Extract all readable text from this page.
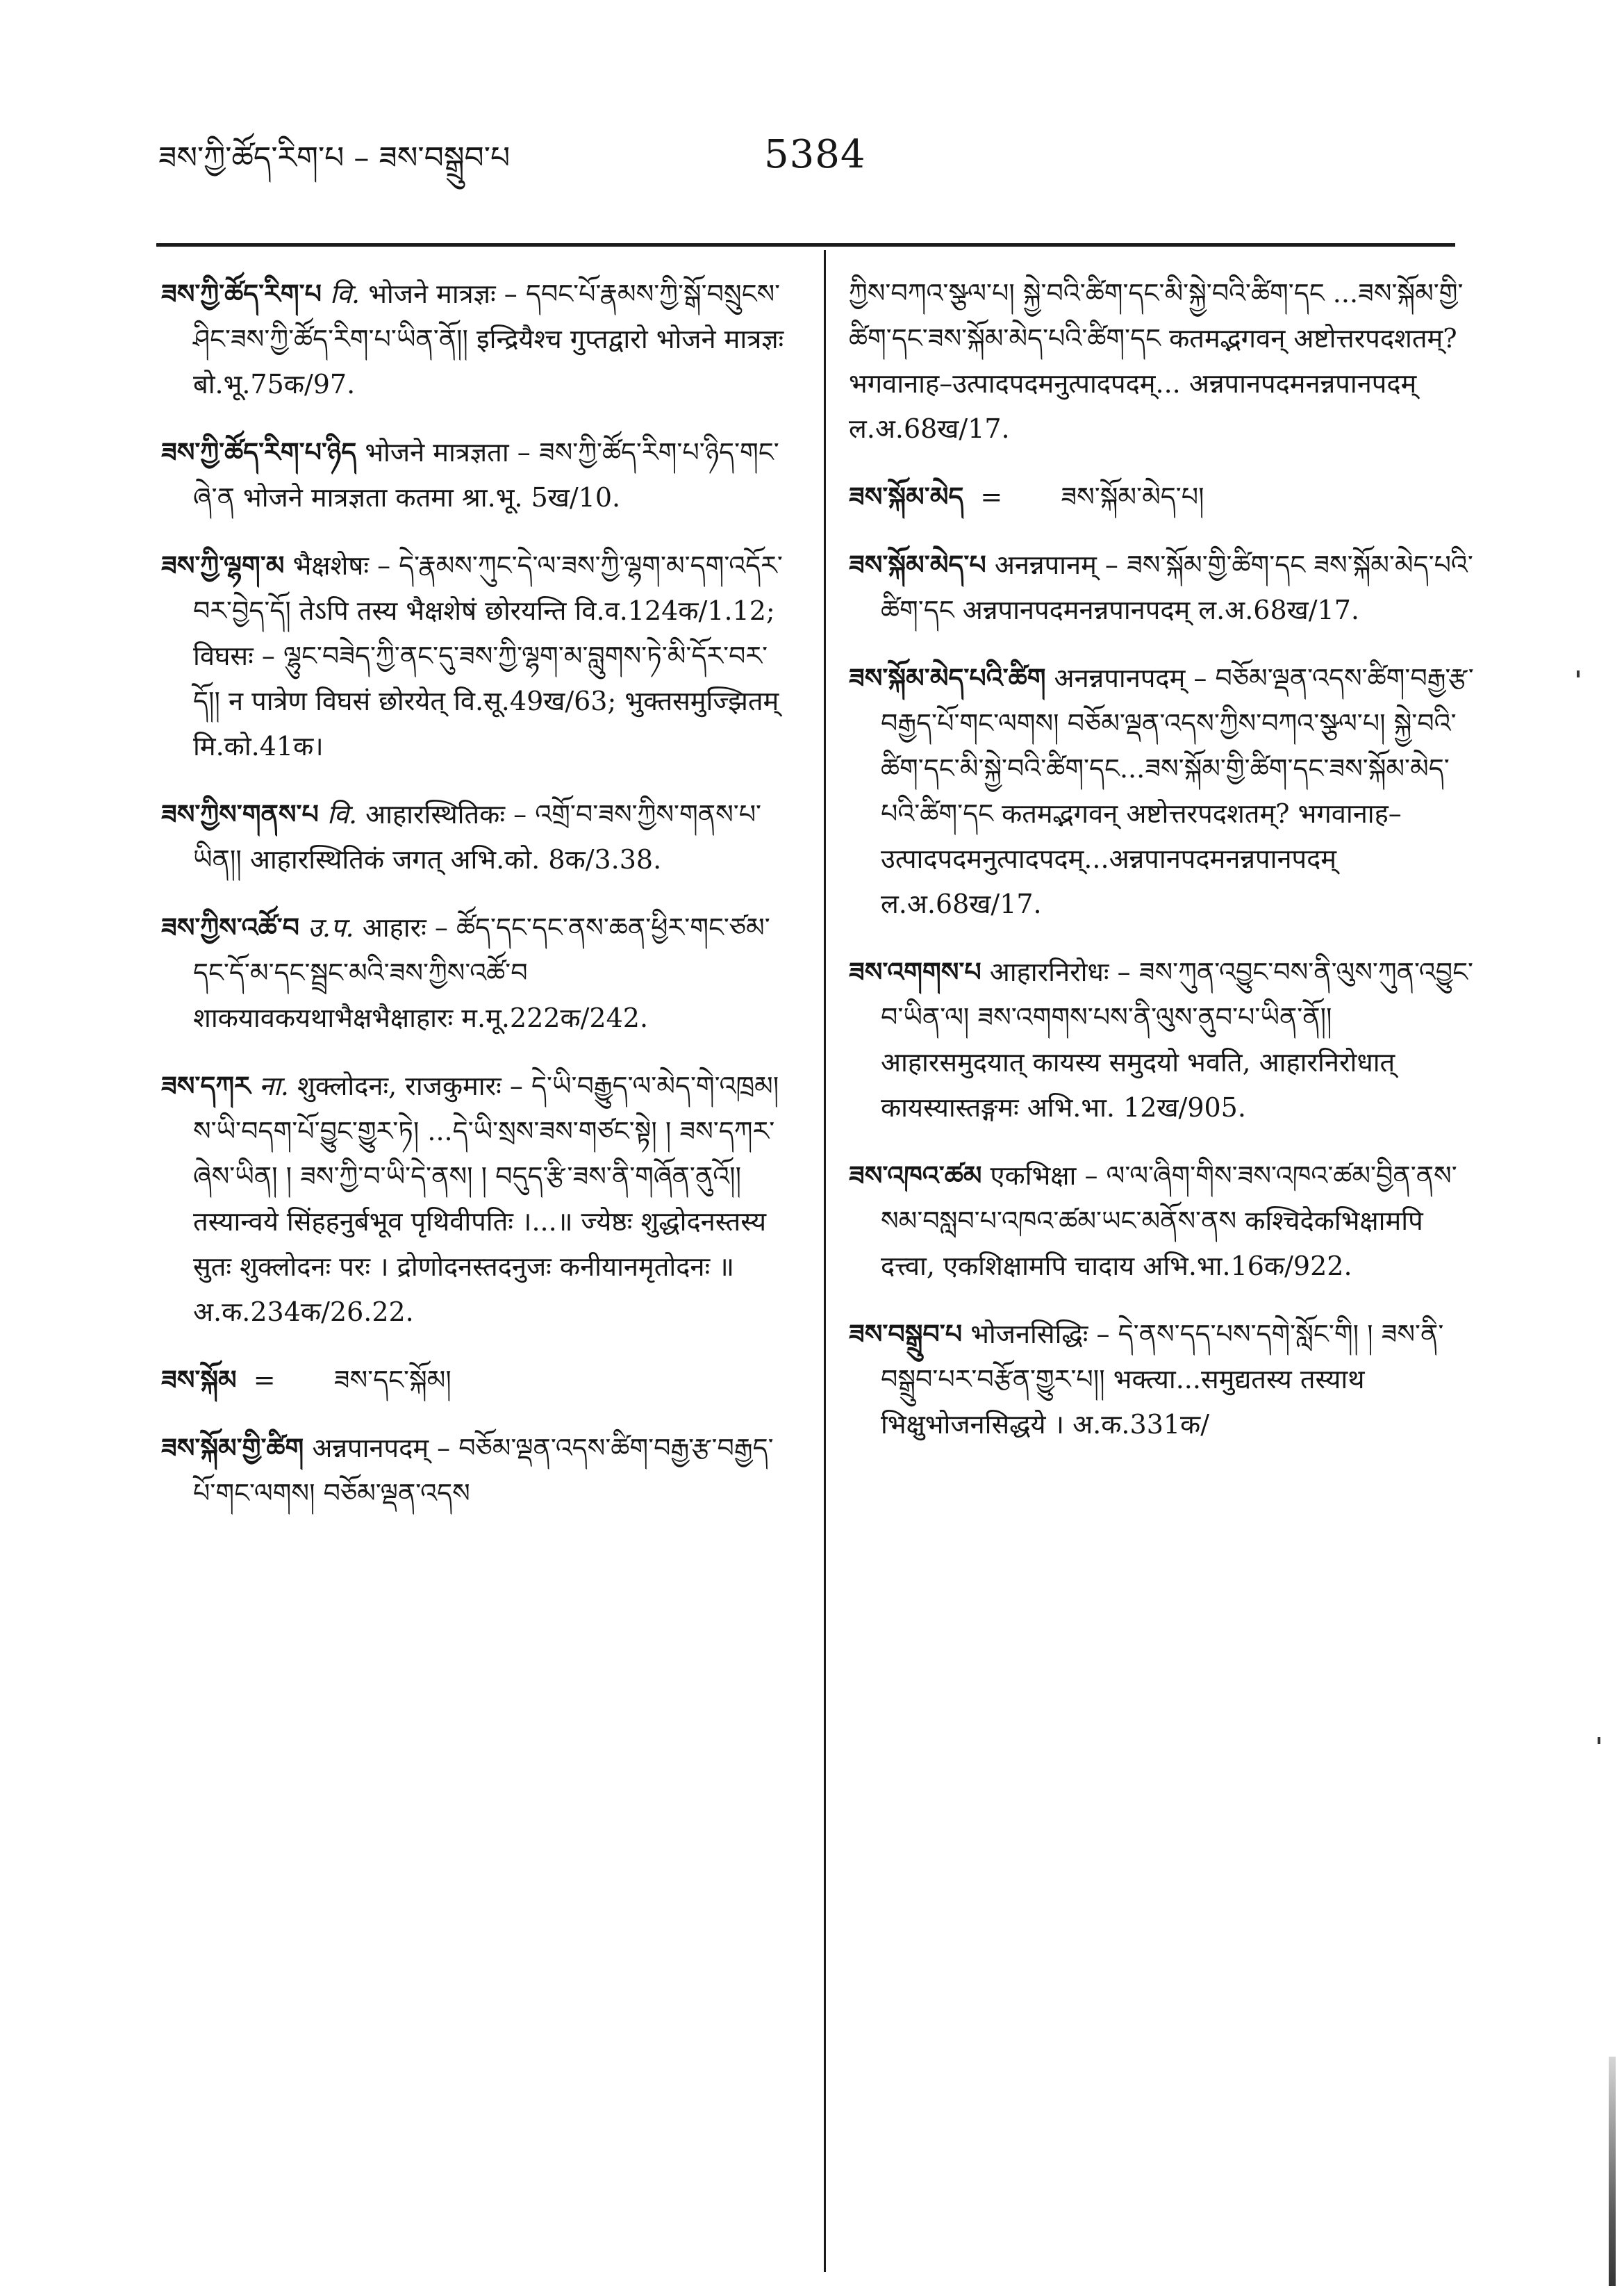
ཟས་ཀྱི་ཚོད་རིག་པ – ཟས་བསྒྲུབ་པ	5384

ཟས་ཀྱི་ཚོད་རིག་པ वि. भोजने मात्रज्ञः – དབང་པོ་རྣམས་ཀྱི་སྒོ་བསྲུངས་ཤིང་ཟས་ཀྱི་ཚོད་རིག་པ་ཡིན་ནོ།། इन्द्रियैश्च गुप्तद्वारो भोजने मात्रज्ञः बो.भू.75क/97.

ཟས་ཀྱི་ཚོད་རིག་པ་ཉིད भोजने मात्रज्ञता – ཟས་ཀྱི་ཚོད་རིག་པ་ཉིད་གང་ཞེ་ན भोजने मात्रज्ञता कतमा श्रा.भू. 5ख/10.

ཟས་ཀྱི་ལྷག་མ भैक्षशेषः – དེ་རྣམས་ཀུང་དེ་ལ་ཟས་ཀྱི་ལྷག་མ་དག་འདོར་བར་བྱེད་དོ། तेऽपि तस्य भैक्षशेषं छोरयन्ति वि.व.124क/1.12; विघसः – ལྷུང་བཟེད་ཀྱི་ནང་དུ་ཟས་ཀྱི་ལྷག་མ་བླུགས་ཏེ་མི་དོར་བར་དོ།། न पात्रेण विघसं छोरयेत् वि.सू.49ख/63; भुक्तसमुज्झितम् मि.को.41क।

ཟས་ཀྱིས་གནས་པ वि. आहारस्थितिकः – འགྲོ་བ་ཟས་ཀྱིས་གནས་པ་ཡིན།། आहारस्थितिकं जगत् अभि.को. 8क/3.38.

ཟས་ཀྱིས་འཚོ་བ उ.प. आहारः – ཚོད་དང་དང་ནས་ཆན་ཕྱིར་གང་ཙམ་དང་དོ་མ་དང་སྦྲང་མའི་ཟས་ཀྱིས་འཚོ་བ शाकयावकयथाभैक्षभैक्षाहारः म.मू.222क/242.

ཟས་དཀར ना. शुक्लोदनः, राजकुमारः – དེ་ཡི་བརྒྱུད་ལ་མེད་གེ་འཁྲམ། ས་ཡི་བདག་པོ་བྱུང་གྱུར་ཏེ། ...དེ་ཡི་སྲས་ཟས་གཙང་སྟེ། ། ཟས་དཀར་ཞེས་ཡིན། ། ཟས་ཀྱི་བ་ཡི་དེ་ནས། ། བདུད་རྩི་ཟས་ནི་གཞོན་ནུའོ།། तस्यान्वये सिंहहनुर्बभूव पृथिवीपतिः ।...॥ ज्येष्ठः शुद्धोदनस्तस्य सुतः शुक्लोदनः परः । द्रोणोदनस्तदनुजः कनीयानमृतोदनः ॥ अ.क.234क/26.22.

ཟས་སྐོམ = ཟས་དང་སྐོམ།

ཟས་སྐོམ་གྱི་ཚིག अन्नपानपदम् – བཅོམ་ལྡན་འདས་ཚིག་བརྒྱ་རྩ་བརྒྱད་པོ་གང་ལགས། བཅོམ་ལྡན་འདས

ཀྱིས་བཀའ་སྩལ་པ། སྐྱེ་བའི་ཚིག་དང་མི་སྐྱེ་བའི་ཚིག་དང ...ཟས་སྐོམ་གྱི་ཚིག་དང་ཟས་སྐོམ་མེད་པའི་ཚིག་དང कतमद्भगवन् अष्टोत्तरपदशतम्? भगवानाह–उत्पादपदमनुत्पादपदम्... अन्नपानपदमनन्नपानपदम् ल.अ.68ख/17.

ཟས་སྐོམ་མེད = ཟས་སྐོམ་མེད་པ།

ཟས་སྐོམ་མེད་པ अनन्नपानम् – ཟས་སྐོམ་གྱི་ཚིག་དང ཟས་སྐོམ་མེད་པའི་ཚིག་དང अन्नपानपदमनन्नपानपदम् ल.अ.68ख/17.

ཟས་སྐོམ་མེད་པའི་ཚིག अनन्नपानपदम् – བཅོམ་ལྡན་འདས་ཚིག་བརྒྱ་རྩ་བརྒྱད་པོ་གང་ལགས། བཅོམ་ལྡན་འདས་ཀྱིས་བཀའ་སྩལ་པ། སྐྱེ་བའི་ཚིག་དང་མི་སྐྱེ་བའི་ཚིག་དང...ཟས་སྐོམ་གྱི་ཚིག་དང་ཟས་སྐོམ་མེད་པའི་ཚིག་དང कतमद्भगवन् अष्टोत्तरपदशतम्? भगवानाह–उत्पादपदमनुत्पादपदम्...अन्नपानपदमनन्नपानपदम् ल.अ.68ख/17.

ཟས་འགགས་པ आहारनिरोधः – ཟས་ཀུན་འབྱུང་བས་ནི་ལུས་ཀུན་འབྱུང་བ་ཡིན་ལ། ཟས་འགགས་པས་ནི་ལུས་ནུབ་པ་ཡིན་ནོ།། आहारसमुदयात् कायस्य समुदयो भवति, आहारनिरोधात् कायस्यास्तङ्गमः अभि.भा. 12ख/905.

ཟས་འཁའ་ཚམ एकभिक्षा – ལ་ལ་ཞིག་གིས་ཟས་འཁའ་ཚམ་བྱིན་ནས་སམ་བསླབ་པ་འཁའ་ཚམ་ཡང་མནོས་ནས कश्चिदेकभिक्षामपि दत्त्वा, एकशिक्षामपि चादाय अभि.भा.16क/922.

ཟས་བསྒྲུབ་པ भोजनसिद्धिः – དེ་ནས་དད་པས་དགེ་སློང་གི། ། ཟས་ནི་བསྒྲུབ་པར་བརྩོན་གྱུར་པ།། भक्त्या...समुद्यतस्य तस्याथ भिक्षुभोजनसिद्धये । अ.क.331क/
